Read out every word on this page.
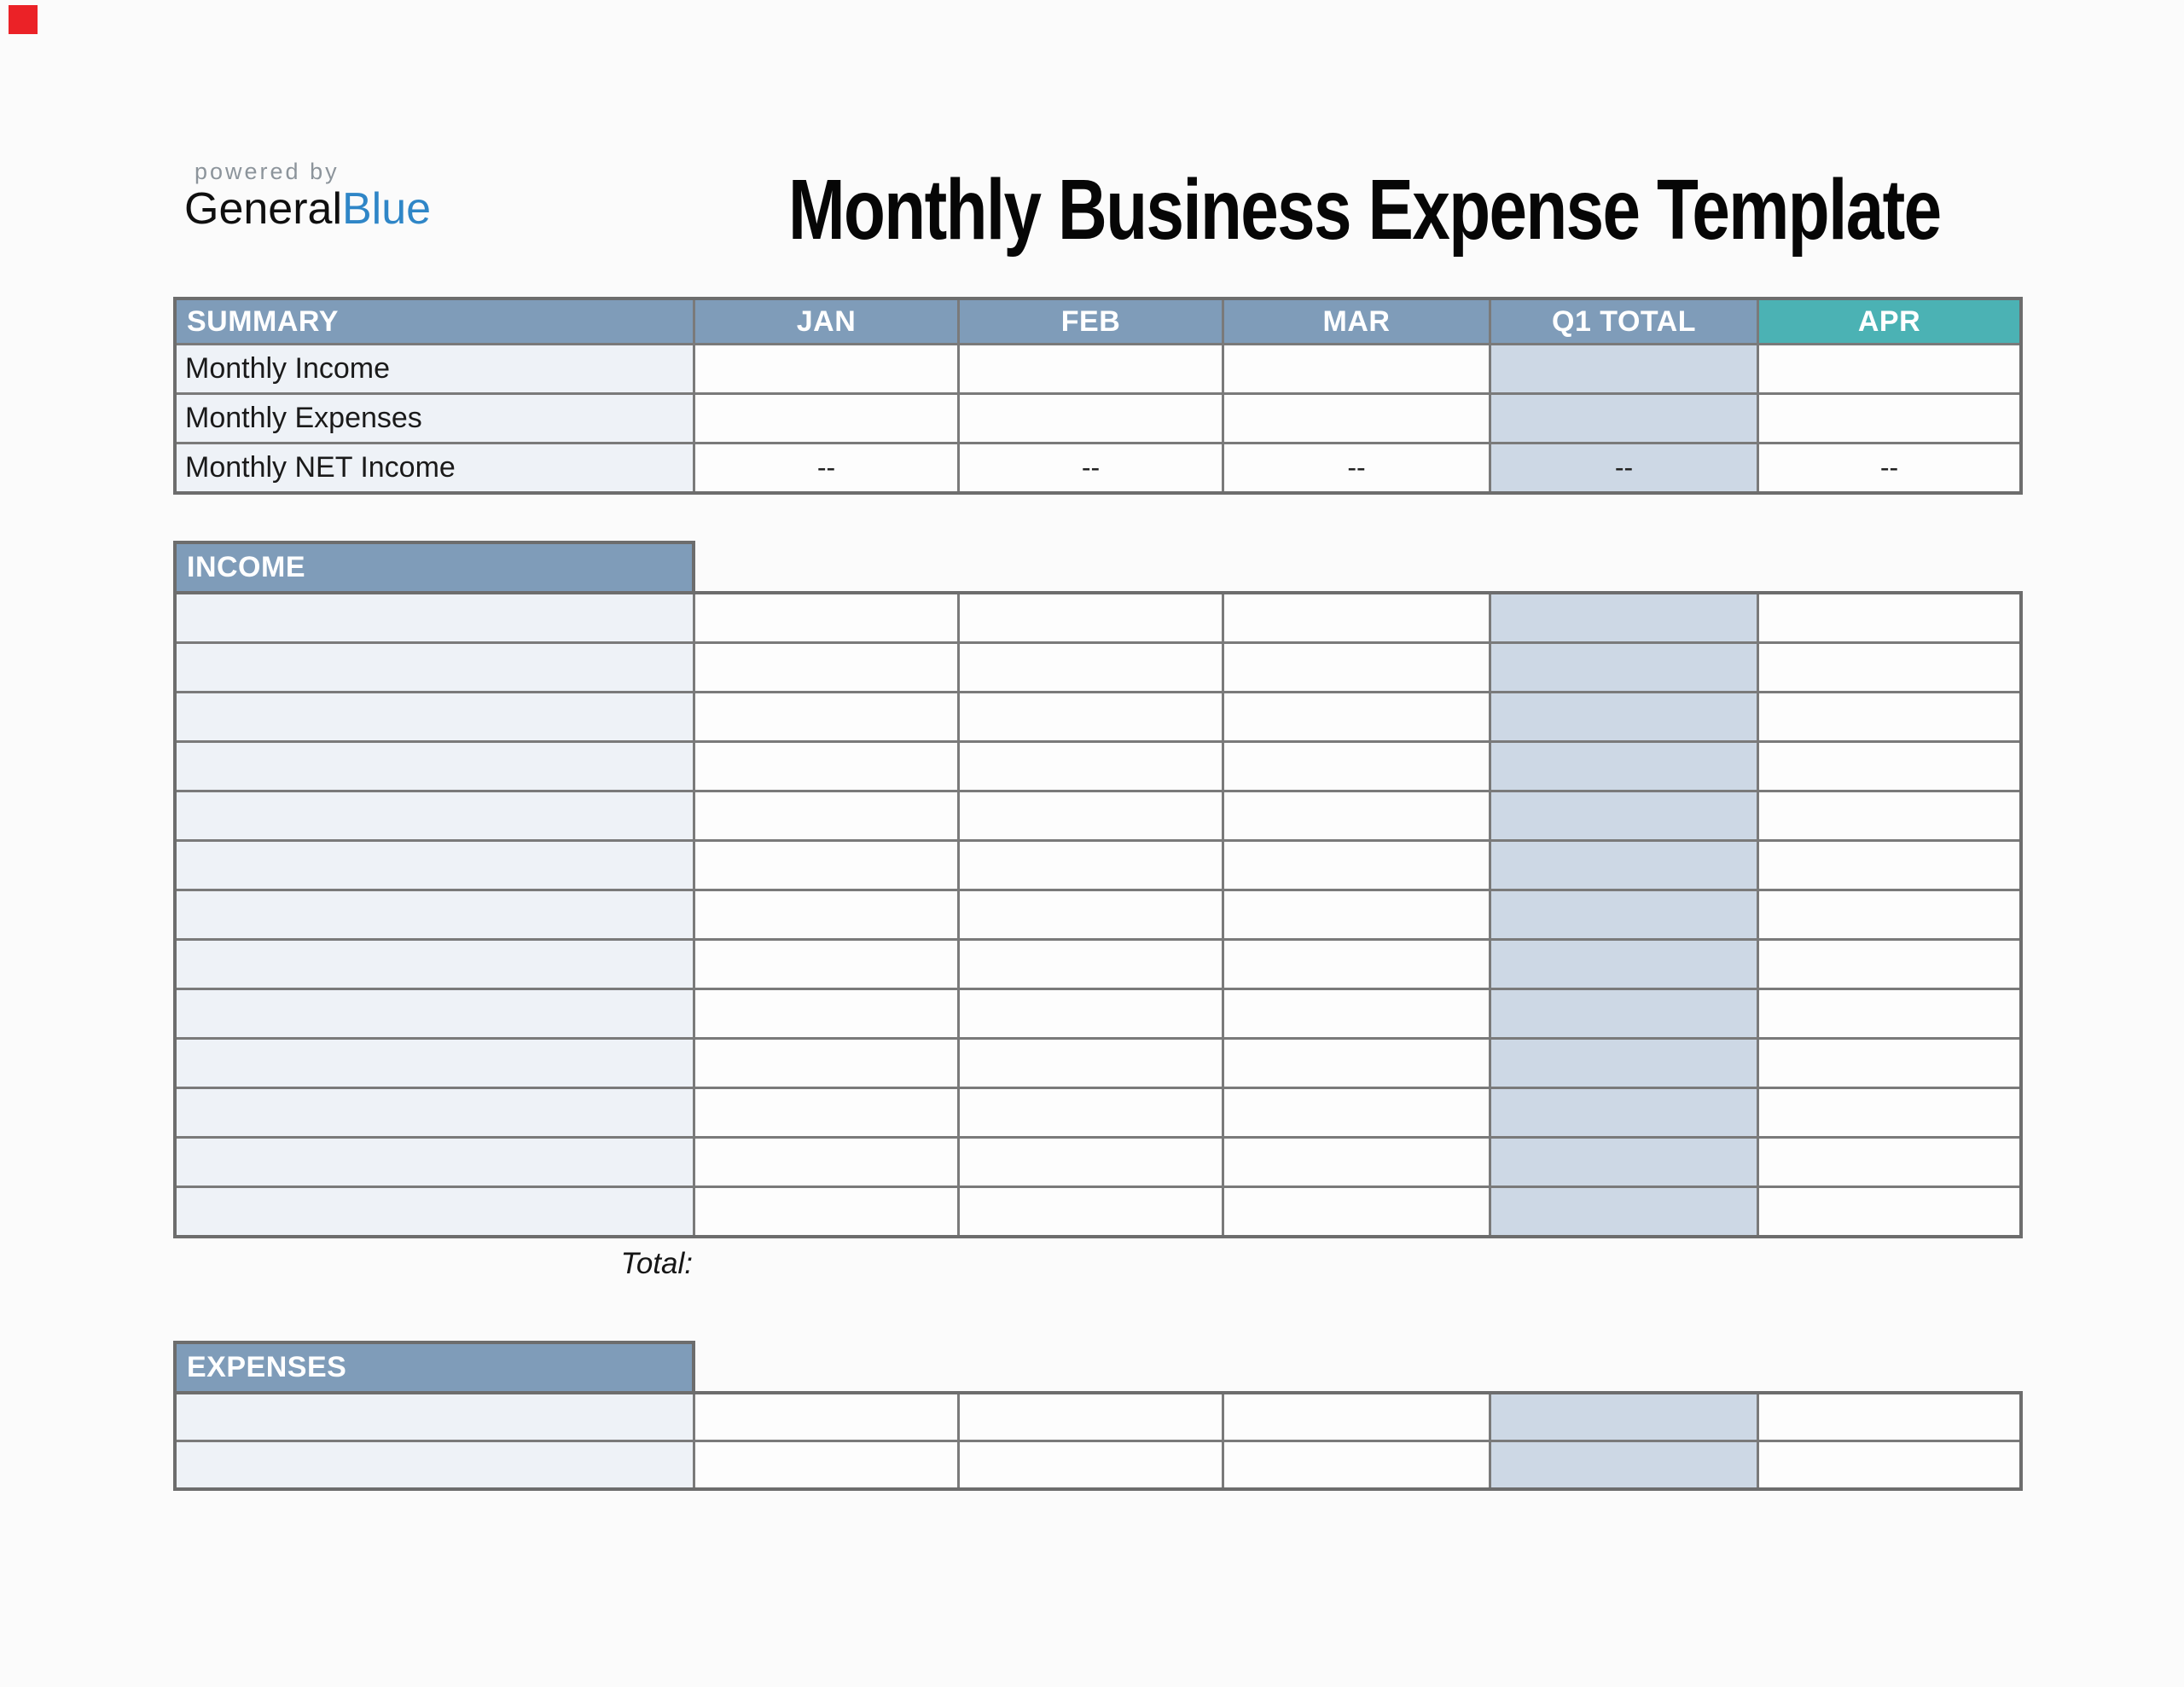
powered by
GeneralBlue	Monthly Business Expense Template
SUMMARY	JAN	FEB	MAR	Q1 TOTAL	APR
Monthly Income
Monthly Expenses
Monthly NET Income	--	--	--	--	--
INCOME
Total:
EXPENSES
